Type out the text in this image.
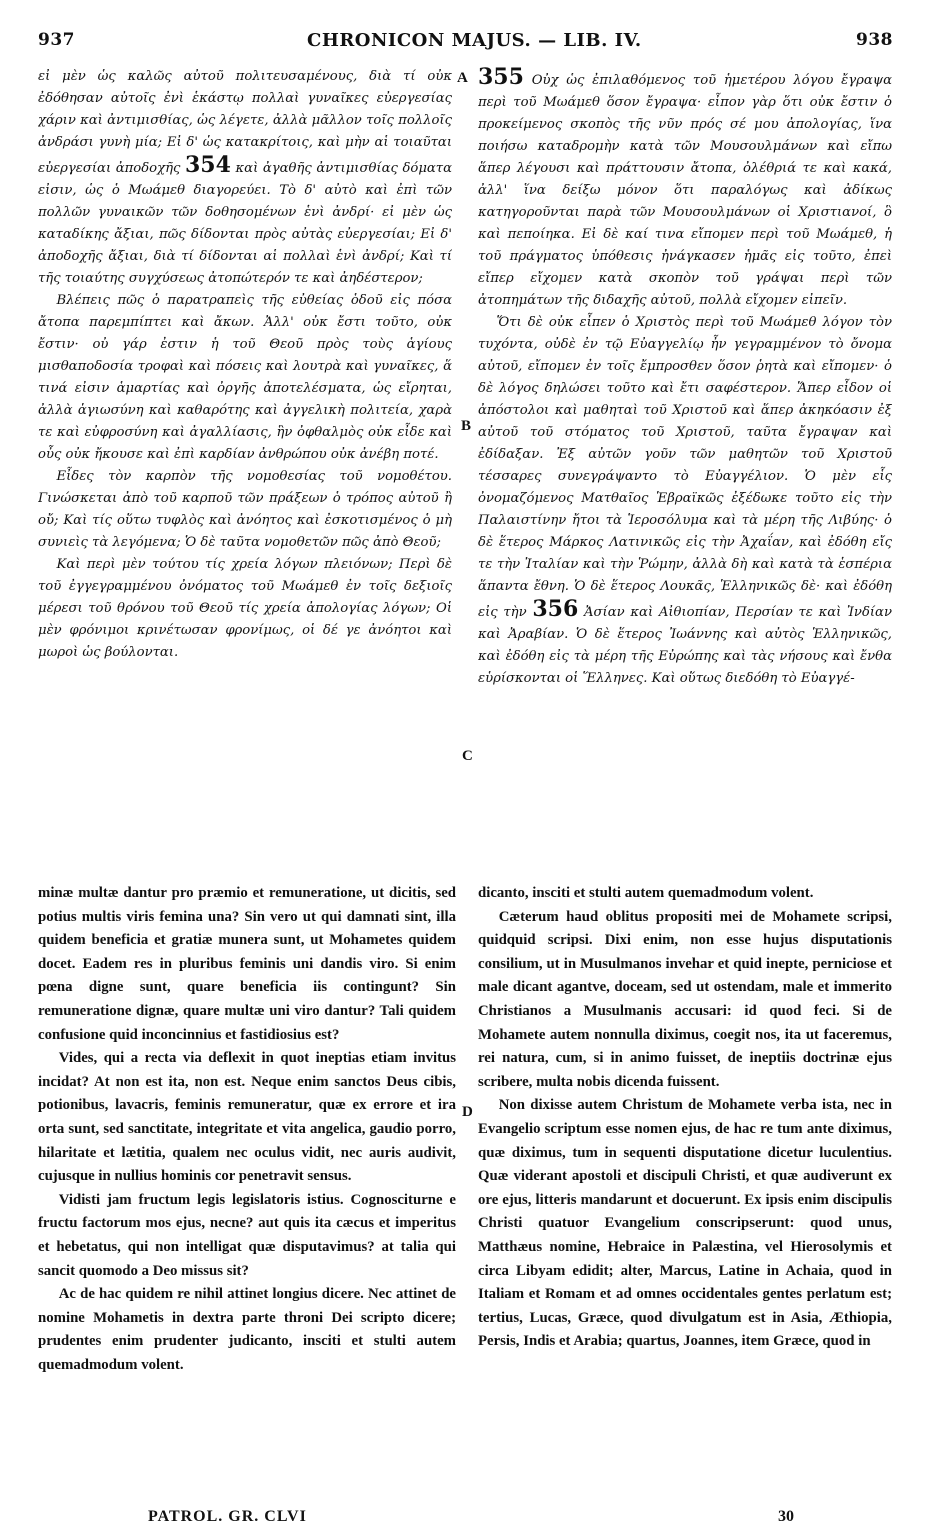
937	CHRONICON MAJUS. — LIB. IV.	938

εἰ μὲν ὡς καλῶς αὐτοῦ πολιτευσαμένους, διὰ τί οὐκ ἐδόθησαν αὐτοῖς ἐνὶ ἑκάστῳ πολλαὶ γυναῖκες εὐεργεσίας χάριν καὶ ἀντιμισθίας, ὡς λέγετε, ἀλλὰ μᾶλλον τοῖς πολλοῖς ἀνδράσι γυνὴ μία; Εἰ δ' ὡς κατακρίτοις, καὶ μὴν αἱ τοιαῦται εὐεργεσίαι ἀποδοχῆς 354 καὶ ἀγαθῆς ἀντιμισθίας δόματα εἰσιν, ὡς ὁ Μωάμεθ διαγορεύει. Τὸ δ' αὐτὸ καὶ ἐπὶ τῶν πολλῶν γυναικῶν τῶν δοθησομένων ἑνὶ ἀνδρί· εἰ μὲν ὡς καταδίκης ἄξιαι, πῶς δίδονται πρὸς αὐτὰς εὐεργεσίαι; Εἰ δ' ἀποδοχῆς ἄξιαι, διὰ τί δίδονται αἱ πολλαὶ ἑνὶ ἀνδρί; Καὶ τί τῆς τοιαύτης συγχύσεως ἀτοπώτερόν τε καὶ ἀηδέστερον;

Βλέπεις πῶς ὁ παρατραπεὶς τῆς εὐθείας ὁδοῦ εἰς πόσα ἄτοπα παρεμπίπτει καὶ ἄκων. Ἀλλ' οὐκ ἔστι τοῦτο, οὐκ ἔστιν· οὐ γάρ ἐστιν ἡ τοῦ Θεοῦ πρὸς τοὺς ἁγίους μισθαποδοσία τροφαὶ καὶ πόσεις καὶ λουτρὰ καὶ γυναῖκες, ἅ τινά εἰσιν ἁμαρτίας καὶ ὀργῆς ἀποτελέσματα, ὡς εἴρηται, ἀλλὰ ἁγιωσύνη καὶ καθαρότης καὶ ἀγγελικὴ πολιτεία, χαρὰ τε καὶ εὐφροσύνη καὶ ἀγαλλίασις, ἣν ὀφθαλμὸς οὐκ εἶδε καὶ οὖς οὐκ ἤκουσε καὶ ἐπὶ καρδίαν ἀνθρώπου οὐκ ἀνέβη ποτέ.

Εἶδες τὸν καρπὸν τῆς νομοθεσίας τοῦ νομοθέτου. Γινώσκεται ἀπὸ τοῦ καρποῦ τῶν πράξεων ὁ τρόπος αὐτοῦ ἢ οὔ; Καὶ τίς οὕτω τυφλὸς καὶ ἀνόητος καὶ ἐσκοτισμένος ὁ μὴ συνιεὶς τὰ λεγόμενα; Ὁ δὲ ταῦτα νομοθετῶν πῶς ἀπὸ Θεοῦ;

Καὶ περὶ μὲν τούτου τίς χρεία λόγων πλειόνων; Περὶ δὲ τοῦ ἐγγεγραμμένου ὀνόματος τοῦ Μωάμεθ ἐν τοῖς δεξιοῖς μέρεσι τοῦ θρόνου τοῦ Θεοῦ τίς χρεία ἀπολογίας λόγων; Οἱ μὲν φρόνιμοι κρινέτωσαν φρονίμως, οἱ δέ γε ἀνόητοι καὶ μωροὶ ὡς βούλονται.

A
B
C
D

355 Οὐχ ὡς ἐπιλαθόμενος τοῦ ἡμετέρου λόγου ἔγραψα περὶ τοῦ Μωάμεθ ὅσον ἔγραψα· εἶπον γὰρ ὅτι οὐκ ἔστιν ὁ προκείμενος σκοπὸς τῆς νῦν πρός σέ μου ἀπολογίας, ἵνα ποιήσω καταδρομὴν κατὰ τῶν Μουσουλμάνων καὶ εἴπω ἅπερ λέγουσι καὶ πράττουσιν ἄτοπα, ὀλέθριά τε καὶ κακά, ἀλλ' ἵνα δείξω μόνον ὅτι παραλόγως καὶ ἀδίκως κατηγοροῦνται παρὰ τῶν Μουσουλμάνων οἱ Χριστιανοί, ὃ καὶ πεποίηκα. Εἰ δὲ καί τινα εἴπομεν περὶ τοῦ Μωάμεθ, ἡ τοῦ πράγματος ὑπόθεσις ἠνάγκασεν ἡμᾶς εἰς τοῦτο, ἐπεὶ εἴπερ εἴχομεν κατὰ σκοπὸν τοῦ γράψαι περὶ τῶν ἀτοπημάτων τῆς διδαχῆς αὐτοῦ, πολλὰ εἴχομεν εἰπεῖν.

Ὅτι δὲ οὐκ εἶπεν ὁ Χριστὸς περὶ τοῦ Μωάμεθ λόγον τὸν τυχόντα, οὐδὲ ἐν τῷ Εὐαγγελίῳ ἦν γεγραμμένον τὸ ὄνομα αὐτοῦ, εἴπομεν ἐν τοῖς ἔμπροσθεν ὅσον ῥητὰ καὶ εἴπομεν· ὁ δὲ λόγος δηλώσει τοῦτο καὶ ἔτι σαφέστερον. Ἅπερ εἶδον οἱ ἀπόστολοι καὶ μαθηταὶ τοῦ Χριστοῦ καὶ ἅπερ ἀκηκόασιν ἐξ αὐτοῦ τοῦ στόματος τοῦ Χριστοῦ, ταῦτα ἔγραψαν καὶ ἐδίδαξαν. Ἐξ αὐτῶν γοῦν τῶν μαθητῶν τοῦ Χριστοῦ τέσσαρες συνεγράψαντο τὸ Εὐαγγέλιον. Ὁ μὲν εἷς ὀνομαζόμενος Ματθαῖος Ἑβραϊκῶς ἐξέδωκε τοῦτο εἰς τὴν Παλαιστίνην ἤτοι τὰ Ἱεροσόλυμα καὶ τὰ μέρη τῆς Λιβύης· ὁ δὲ ἕτερος Μάρκος Λατινικῶς εἰς τὴν Ἀχαΐαν, καὶ ἐδόθη εἴς τε τὴν Ἰταλίαν καὶ τὴν Ῥώμην, ἀλλὰ δὴ καὶ κατὰ τὰ ἑσπέρια ἅπαντα ἔθνη. Ὁ δὲ ἕτερος Λουκᾶς, Ἑλληνικῶς δὲ· καὶ ἐδόθη εἰς τὴν 356 Ἀσίαν καὶ Αἰθιοπίαν, Περσίαν τε καὶ Ἰνδίαν καὶ Ἀραβίαν. Ὁ δὲ ἕτερος Ἰωάννης καὶ αὐτὸς Ἑλληνικῶς, καὶ ἐδόθη εἰς τὰ μέρη τῆς Εὐρώπης καὶ τὰς νήσους καὶ ἔνθα εὑρίσκονται οἱ Ἕλληνες. Καὶ οὕτως διεδόθη τὸ Εὐαγγέ-

minæ multæ dantur pro præmio et remuneratione, ut dicitis, sed potius multis viris femina una? Sin vero ut qui damnati sint, illa quidem beneficia et gratiæ munera sunt, ut Mohametes quidem docet. Eadem res in pluribus feminis uni dandis viro. Si enim pœna digne sunt, quare beneficia iis contingunt? Sin remuneratione dignæ, quare multæ uni viro dantur? Tali quidem confusione quid inconcinnius et fastidiosius est?

Vides, qui a recta via deflexit in quot ineptias etiam invitus incidat? At non est ita, non est. Neque enim sanctos Deus cibis, potionibus, lavacris, feminis remuneratur, quæ ex errore et ira orta sunt, sed sanctitate, integritate et vita angelica, gaudio porro, hilaritate et lætitia, qualem nec oculus vidit, nec auris audivit, cujusque in nullius hominis cor penetravit sensus.

Vidisti jam fructum legis legislatoris istius. Cognosciturne e fructu factorum mos ejus, necne? aut quis ita cæcus et imperitus et hebetatus, qui non intelligat quæ disputavimus? at talia qui sancit quomodo a Deo missus sit?

Ac de hac quidem re nihil attinet longius dicere. Nec attinet de nomine Mohametis in dextra parte throni Dei scripto dicere; prudentes enim prudenter judicanto, insciti et stulti autem quemadmodum volent.

dicanto, insciti et stulti autem quemadmodum volent.

Cæterum haud oblitus propositi mei de Mohamete scripsi, quidquid scripsi. Dixi enim, non esse hujus disputationis consilium, ut in Musulmanos invehar et quid inepte, perniciose et male dicant agantve, doceam, sed ut ostendam, male et immerito Christianos a Musulmanis accusari: id quod feci. Si de Mohamete autem nonnulla diximus, coegit nos, ita ut faceremus, rei natura, cum, si in animo fuisset, de ineptiis doctrinæ ejus scribere, multa nobis dicenda fuissent.

Non dixisse autem Christum de Mohamete verba ista, nec in Evangelio scriptum esse nomen ejus, de hac re tum ante diximus, quæ diximus, tum in sequenti disputatione dicetur luculentius. Quæ viderant apostoli et discipuli Christi, et quæ audiverunt ex ore ejus, litteris mandarunt et docuerunt. Ex ipsis enim discipulis Christi quatuor Evangelium conscripserunt: quod unus, Matthæus nomine, Hebraice in Palæstina, vel Hierosolymis et circa Libyam edidit; alter, Marcus, Latine in Achaia, quod in Italiam et Romam et ad omnes occidentales gentes perlatum est; tertius, Lucas, Græce, quod divulgatum est in Asia, Æthiopia, Persis, Indis et Arabia; quartus, Joannes, item Græce, quod in

PATROL. GR. CLVI	30
